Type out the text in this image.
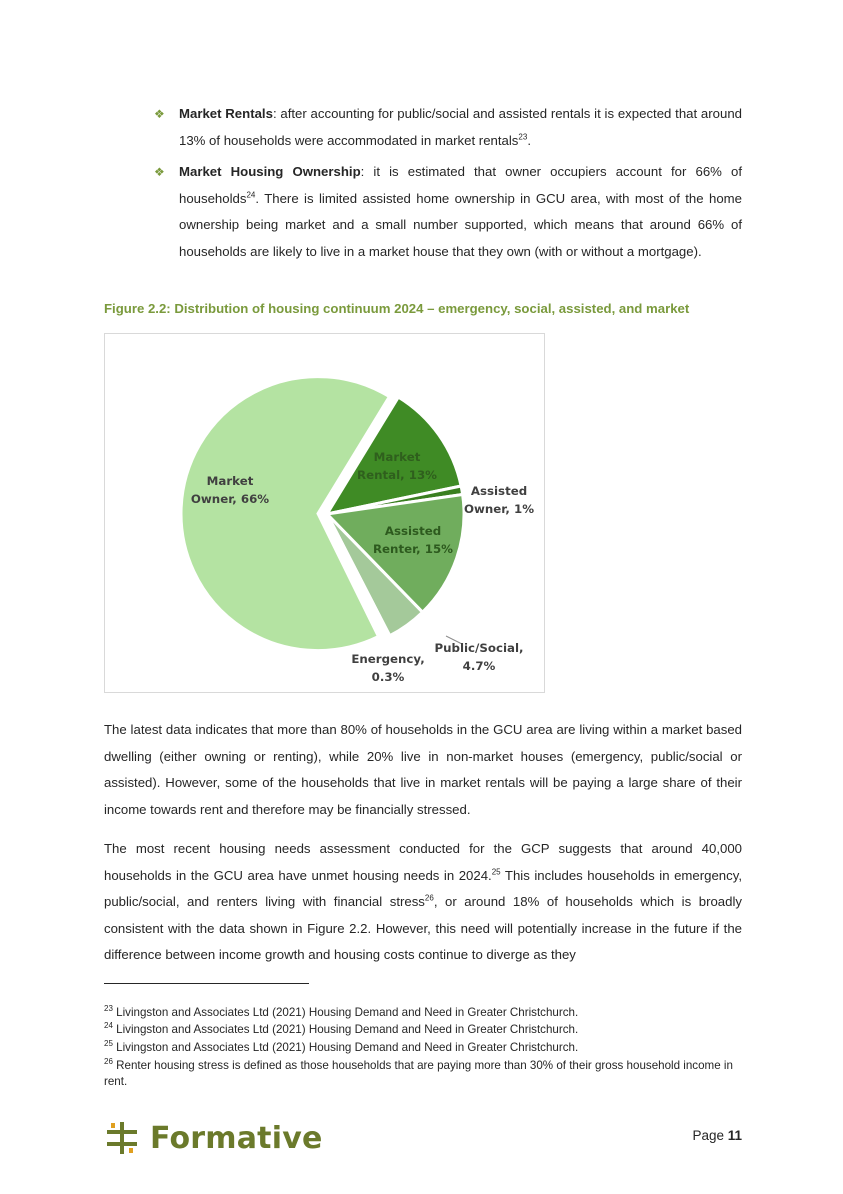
❖ Market Rentals: after accounting for public/social and assisted rentals it is expected that around 13% of households were accommodated in market rentals$^{23}$.
❖ Market Housing Ownership: it is estimated that owner occupiers account for 66% of households$^{24}$. There is limited assisted home ownership in GCU area, with most of the home ownership being market and a small number supported, which means that around 66% of households are likely to live in a market house that they own (with or without a mortgage).
Figure 2.2: Distribution of housing continuum 2024 – emergency, social, assisted, and market
Market Rental, 13%
Assisted Owner, 1%
Assisted Renter, 15%
Public/Social, 4.7%
Energency, 0.3%
Market Owner, 66%
The latest data indicates that more than 80% of households in the GCU area are living within a market based dwelling (either owning or renting), while 20% live in non-market houses (emergency, public/social or assisted). However, some of the households that live in market rentals will be paying a large share of their income towards rent and therefore may be financially stressed.
The most recent housing needs assessment conducted for the GCP suggests that around 40,000 households in the GCU area have unmet housing needs in 2024.25 This includes households in emergency, public/social, and renters living with financial stress$^{26}$, or around 18% of households which is broadly consistent with the data shown in Figure 2.2. However, this need will potentially increase in the future if the difference between income growth and housing costs continue to diverge as they
$^{23}$ Livingston and Associates Ltd (2021) Housing Demand and Need in Greater Christchurch.
$^{24}$ Livingston and Associates Ltd (2021) Housing Demand and Need in Greater Christchurch.
$^{25}$ Livingston and Associates Ltd (2021) Housing Demand and Need in Greater Christchurch.
$^{26}$ Renter housing stress is defined as those households that are paying more than 30% of their gross household income in rent.
Formative	Page 11
